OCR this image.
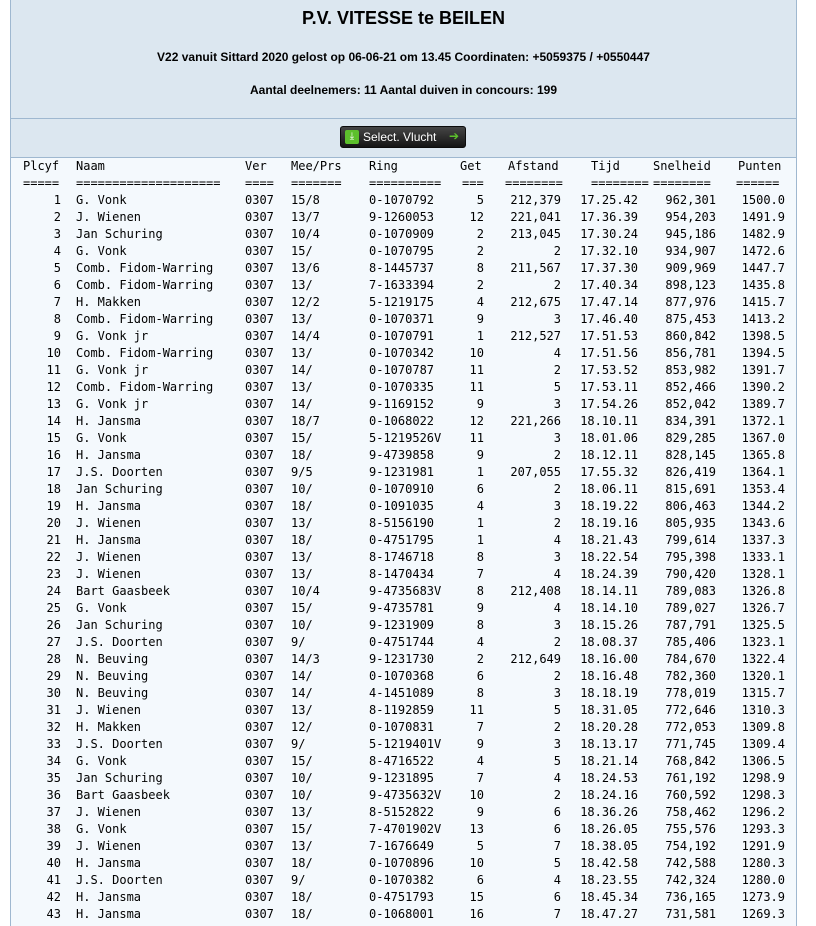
P.V. VITESSE te BEILEN
V22 vanuit Sittard 2020 gelost op 06-06-21 om 13.45 Coordinaten: +5059375 / +0550447
Aantal deelnemers: 11 Aantal duiven in concours: 199
⤓ Select. Vlucht ➔
Plcyf Naam	Ver Mee/Prs Ring	Get Afstand	Tijd	Snelheid Punten
===== ==================== ==== ======= ========== === ======== ======== ======== ======
1 G. Vonk	0307 15/8	0-1070792	5	212,379	17.25.42	962,301	1500.0
2 J. Wienen	0307 13/7	9-1260053	12	221,041	17.36.39	954,203	1491.9
3 Jan Schuring	0307 10/4	0-1070909	2	213,045	17.30.24	945,186	1482.9
4 G. Vonk	0307 15/	0-1070795	2	2	17.32.10	934,907	1472.6
5 Comb. Fidom-Warring	0307 13/6	8-1445737	8	211,567	17.37.30	909,969	1447.7
6 Comb. Fidom-Warring	0307 13/	7-1633394	2	2	17.40.34	898,123	1435.8
7 H. Makken	0307 12/2	5-1219175	4	212,675	17.47.14	877,976	1415.7
8 Comb. Fidom-Warring	0307 13/	0-1070371	9	3	17.46.40	875,453	1413.2
9 G. Vonk jr	0307 14/4	0-1070791	1	212,527	17.51.53	860,842	1398.5
10 Comb. Fidom-Warring	0307 13/	0-1070342	10	4	17.51.56	856,781	1394.5
11 G. Vonk jr	0307 14/	0-1070787	11	2	17.53.52	853,982	1391.7
12 Comb. Fidom-Warring	0307 13/	0-1070335	11	5	17.53.11	852,466	1390.2
13 G. Vonk jr	0307 14/	9-1169152	9	3	17.54.26	852,042	1389.7
14 H. Jansma	0307 18/7	0-1068022	12	221,266	18.10.11	834,391	1372.1
15 G. Vonk	0307 15/	5-1219526V	11	3	18.01.06	829,285	1367.0
16 H. Jansma	0307 18/	9-4739858	9	2	18.12.11	828,145	1365.8
17 J.S. Doorten	0307 9/5	9-1231981	1	207,055	17.55.32	826,419	1364.1
18 Jan Schuring	0307 10/	0-1070910	6	2	18.06.11	815,691	1353.4
19 H. Jansma	0307 18/	0-1091035	4	3	18.19.22	806,463	1344.2
20 J. Wienen	0307 13/	8-5156190	1	2	18.19.16	805,935	1343.6
21 H. Jansma	0307 18/	0-4751795	1	4	18.21.43	799,614	1337.3
22 J. Wienen	0307 13/	8-1746718	8	3	18.22.54	795,398	1333.1
23 J. Wienen	0307 13/	8-1470434	7	4	18.24.39	790,420	1328.1
24 Bart Gaasbeek	0307 10/4	9-4735683V	8	212,408	18.14.11	789,083	1326.8
25 G. Vonk	0307 15/	9-4735781	9	4	18.14.10	789,027	1326.7
26 Jan Schuring	0307 10/	9-1231909	8	3	18.15.26	787,791	1325.5
27 J.S. Doorten	0307 9/	0-4751744	4	2	18.08.37	785,406	1323.1
28 N. Beuving	0307 14/3	9-1231730	2	212,649	18.16.00	784,670	1322.4
29 N. Beuving	0307 14/	0-1070368	6	2	18.16.48	782,360	1320.1
30 N. Beuving	0307 14/	4-1451089	8	3	18.18.19	778,019	1315.7
31 J. Wienen	0307 13/	8-1192859	11	5	18.31.05	772,646	1310.3
32 H. Makken	0307 12/	0-1070831	7	2	18.20.28	772,053	1309.8
33 J.S. Doorten	0307 9/	5-1219401V	9	3	18.13.17	771,745	1309.4
34 G. Vonk	0307 15/	8-4716522	4	5	18.21.14	768,842	1306.5
35 Jan Schuring	0307 10/	9-1231895	7	4	18.24.53	761,192	1298.9
36 Bart Gaasbeek	0307 10/	9-4735632V	10	2	18.24.16	760,592	1298.3
37 J. Wienen	0307 13/	8-5152822	9	6	18.36.26	758,462	1296.2
38 G. Vonk	0307 15/	7-4701902V	13	6	18.26.05	755,576	1293.3
39 J. Wienen	0307 13/	7-1676649	5	7	18.38.05	754,192	1291.9
40 H. Jansma	0307 18/	0-1070896	10	5	18.42.58	742,588	1280.3
41 J.S. Doorten	0307 9/	0-1070382	6	4	18.23.55	742,324	1280.0
42 H. Jansma	0307 18/	0-4751793	15	6	18.45.34	736,165	1273.9
43 H. Jansma	0307 18/	0-1068001	16	7	18.47.27	731,581	1269.3
